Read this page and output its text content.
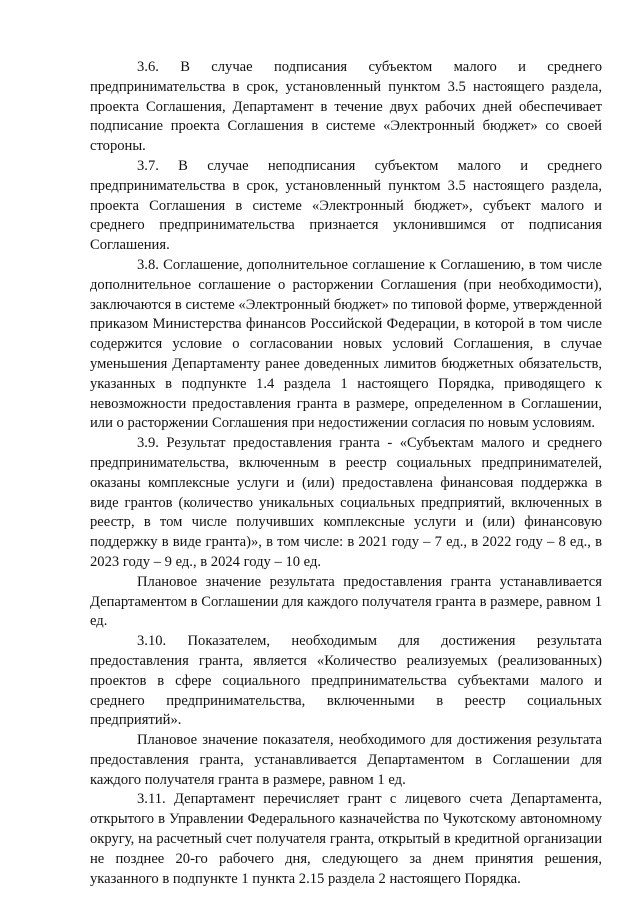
3.6. В случае подписания субъектом малого и среднего предпринимательства в срок, установленный пунктом 3.5 настоящего раздела, проекта Соглашения, Департамент в течение двух рабочих дней обеспечивает подписание проекта Соглашения в системе «Электронный бюджет» со своей стороны.

3.7. В случае неподписания субъектом малого и среднего предпринимательства в срок, установленный пунктом 3.5 настоящего раздела, проекта Соглашения в системе «Электронный бюджет», субъект малого и среднего предпринимательства признается уклонившимся от подписания Соглашения.

3.8. Соглашение, дополнительное соглашение к Соглашению, в том числе дополнительное соглашение о расторжении Соглашения (при необходимости), заключаются в системе «Электронный бюджет» по типовой форме, утвержденной приказом Министерства финансов Российской Федерации, в которой в том числе содержится условие о согласовании новых условий Соглашения, в случае уменьшения Департаменту ранее доведенных лимитов бюджетных обязательств, указанных в подпункте 1.4 раздела 1 настоящего Порядка, приводящего к невозможности предоставления гранта в размере, определенном в Соглашении, или о расторжении Соглашения при недостижении согласия по новым условиям.

3.9. Результат предоставления гранта - «Субъектам малого и среднего предпринимательства, включенным в реестр социальных предпринимателей, оказаны комплексные услуги и (или) предоставлена финансовая поддержка в виде грантов (количество уникальных социальных предприятий, включенных в реестр, в том числе получивших комплексные услуги и (или) финансовую поддержку в виде гранта)», в том числе: в 2021 году – 7 ед., в 2022 году – 8 ед., в 2023 году – 9 ед., в 2024 году – 10 ед.

Плановое значение результата предоставления гранта устанавливается Департаментом в Соглашении для каждого получателя гранта в размере, равном 1 ед.

3.10. Показателем, необходимым для достижения результата предоставления гранта, является «Количество реализуемых (реализованных) проектов в сфере социального предпринимательства субъектами малого и среднего предпринимательства, включенными в реестр социальных предприятий».

Плановое значение показателя, необходимого для достижения результата предоставления гранта, устанавливается Департаментом в Соглашении для каждого получателя гранта в размере, равном 1 ед.

3.11. Департамент перечисляет грант с лицевого счета Департамента, открытого в Управлении Федерального казначейства по Чукотскому автономному округу, на расчетный счет получателя гранта, открытый в кредитной организации не позднее 20-го рабочего дня, следующего за днем принятия решения, указанного в подпункте 1 пункта 2.15 раздела 2 настоящего Порядка.
